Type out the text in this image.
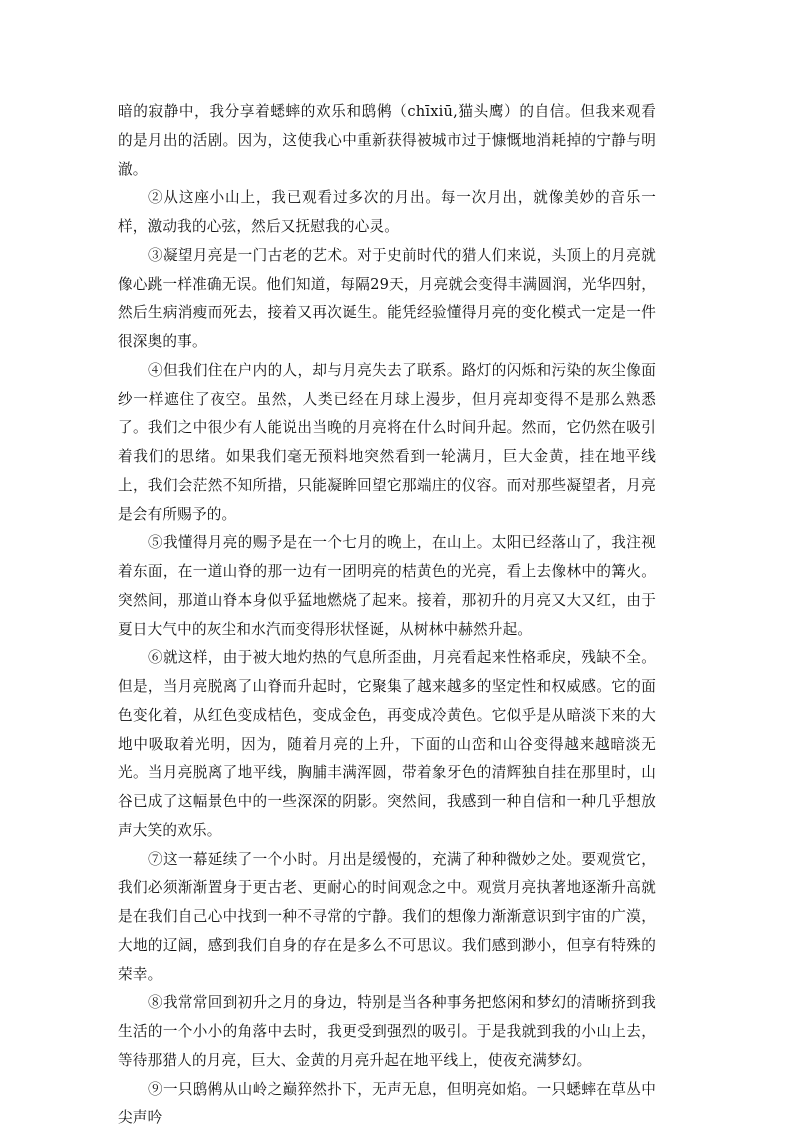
暗的寂静中，我分享着蟋蟀的欢乐和鸱鸺（chīxiū,猫头鹰）的自信。但我来观看的是月出的活剧。因为，这使我心中重新获得被城市过于慷慨地消耗掉的宁静与明澈。

②从这座小山上，我已观看过多次的月出。每一次月出，就像美妙的音乐一样，激动我的心弦，然后又抚慰我的心灵。

③凝望月亮是一门古老的艺术。对于史前时代的猎人们来说，头顶上的月亮就像心跳一样准确无误。他们知道，每隔29天，月亮就会变得丰满圆润，光华四射，然后生病消瘦而死去，接着又再次诞生。能凭经验懂得月亮的变化模式一定是一件很深奥的事。

④但我们住在户内的人，却与月亮失去了联系。路灯的闪烁和污染的灰尘像面纱一样遮住了夜空。虽然，人类已经在月球上漫步，但月亮却变得不是那么熟悉了。我们之中很少有人能说出当晚的月亮将在什么时间升起。然而，它仍然在吸引着我们的思绪。如果我们毫无预料地突然看到一轮满月，巨大金黄，挂在地平线上，我们会茫然不知所措，只能凝眸回望它那端庄的仪容。而对那些凝望者，月亮是会有所赐予的。

⑤我懂得月亮的赐予是在一个七月的晚上，在山上。太阳已经落山了，我注视着东面，在一道山脊的那一边有一团明亮的桔黄色的光亮，看上去像林中的篝火。突然间，那道山脊本身似乎猛地燃烧了起来。接着，那初升的月亮又大又红，由于夏日大气中的灰尘和水汽而变得形状怪诞，从树林中赫然升起。

⑥就这样，由于被大地灼热的气息所歪曲，月亮看起来性格乖戾，残缺不全。但是，当月亮脱离了山脊而升起时，它聚集了越来越多的坚定性和权威感。它的面色变化着，从红色变成桔色，变成金色，再变成冷黄色。它似乎是从暗淡下来的大地中吸取着光明，因为，随着月亮的上升，下面的山峦和山谷变得越来越暗淡无光。当月亮脱离了地平线，胸脯丰满浑圆，带着象牙色的清辉独自挂在那里时，山谷已成了这幅景色中的一些深深的阴影。突然间，我感到一种自信和一种几乎想放声大笑的欢乐。

⑦这一幕延续了一个小时。月出是缓慢的，充满了种种微妙之处。要观赏它，我们必须渐渐置身于更古老、更耐心的时间观念之中。观赏月亮执著地逐渐升高就是在我们自己心中找到一种不寻常的宁静。我们的想像力渐渐意识到宇宙的广漠，大地的辽阔，感到我们自身的存在是多么不可思议。我们感到渺小，但享有特殊的荣幸。

⑧我常常回到初升之月的身边，特别是当各种事务把悠闲和梦幻的清晰挤到我生活的一个小小的角落中去时，我更受到强烈的吸引。于是我就到我的小山上去，等待那猎人的月亮，巨大、金黄的月亮升起在地平线上，使夜充满梦幻。

⑨一只鸱鸺从山岭之巅猝然扑下，无声无息，但明亮如焰。一只蟋蟀在草丛中尖声吟
